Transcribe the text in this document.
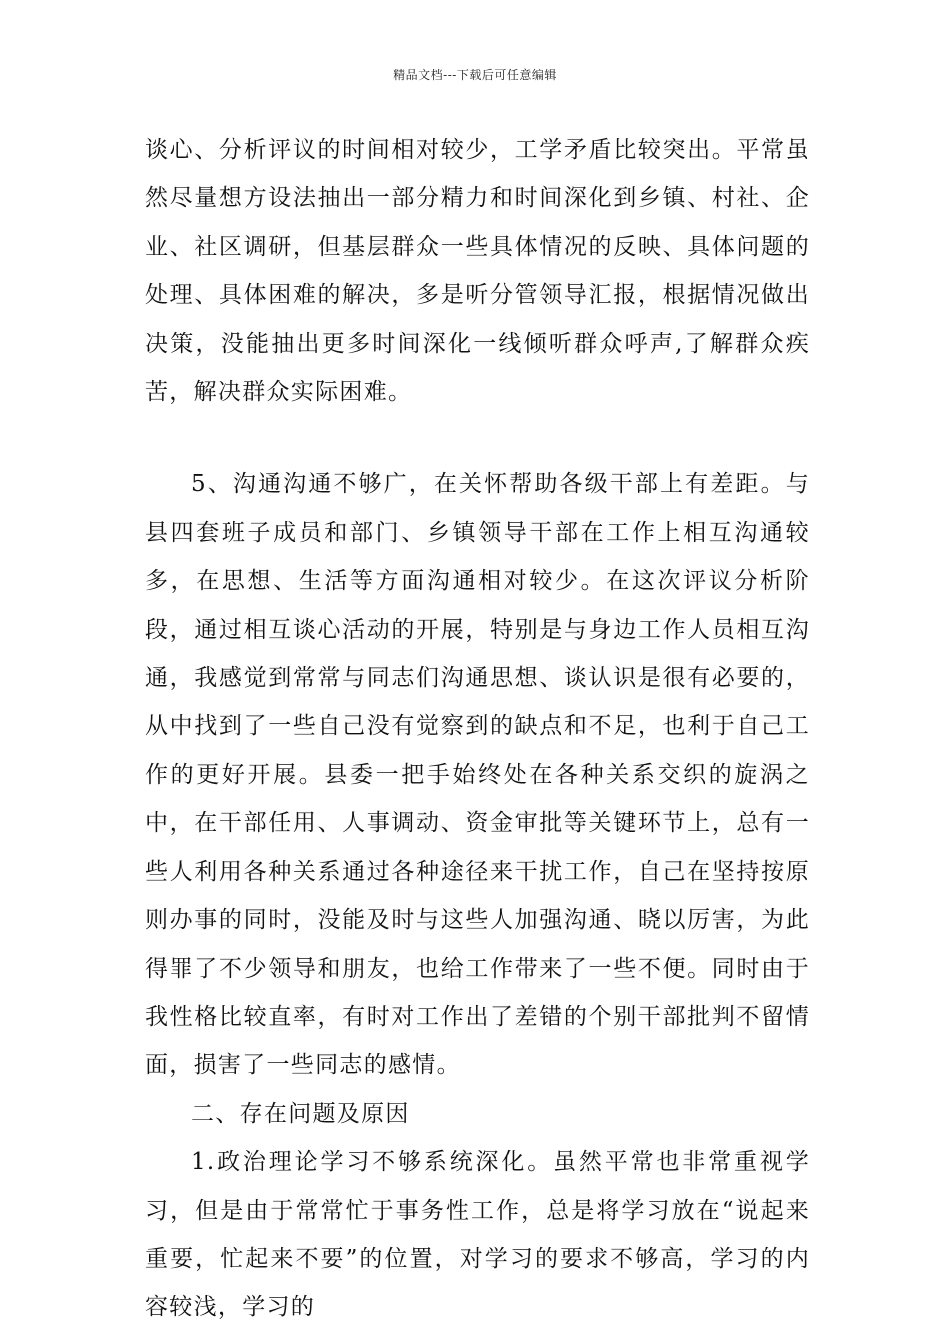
精品文档---下载后可任意编辑

谈心、分析评议的时间相对较少，工学矛盾比较突出。平常虽然尽量想方设法抽出一部分精力和时间深化到乡镇、村社、企业、社区调研，但基层群众一些具体情况的反映、具体问题的处理、具体困难的解决，多是听分管领导汇报，根据情况做出决策，没能抽出更多时间深化一线倾听群众呼声,了解群众疾苦，解决群众实际困难。

5、沟通沟通不够广，在关怀帮助各级干部上有差距。与县四套班子成员和部门、乡镇领导干部在工作上相互沟通较多，在思想、生活等方面沟通相对较少。在这次评议分析阶段，通过相互谈心活动的开展，特别是与身边工作人员相互沟通，我感觉到常常与同志们沟通思想、谈认识是很有必要的，从中找到了一些自己没有觉察到的缺点和不足，也利于自己工作的更好开展。县委一把手始终处在各种关系交织的旋涡之中，在干部任用、人事调动、资金审批等关键环节上，总有一些人利用各种关系通过各种途径来干扰工作，自己在坚持按原则办事的同时，没能及时与这些人加强沟通、晓以厉害，为此得罪了不少领导和朋友，也给工作带来了一些不便。同时由于我性格比较直率，有时对工作出了差错的个别干部批判不留情面，损害了一些同志的感情。

二、存在问题及原因

1.政治理论学习不够系统深化。虽然平常也非常重视学习，但是由于常常忙于事务性工作，总是将学习放在“说起来重要，忙起来不要”的位置，对学习的要求不够高，学习的内容较浅，学习的
